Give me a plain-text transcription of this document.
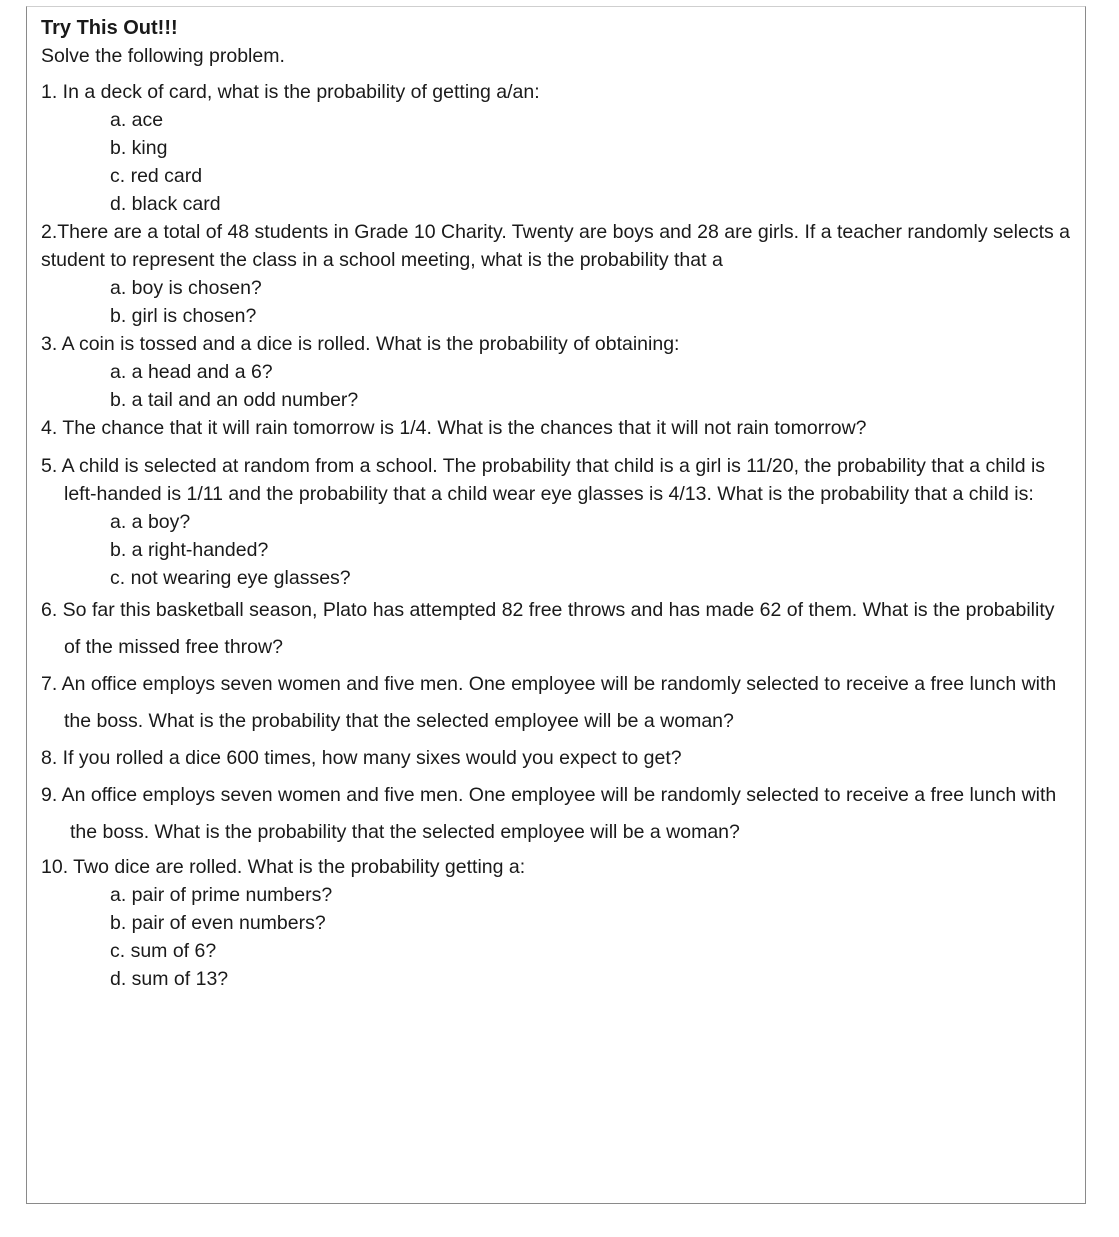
Try This Out!!!

Solve the following problem.

1. In a deck of card, what is the probability of getting a/an:
a. ace
b. king
c. red card
d. black card
2.There are a total of 48 students in Grade 10 Charity. Twenty are boys and 28 are girls. If a teacher randomly selects a student to represent the class in a school meeting, what is the probability that a
a. boy is chosen?
b. girl is chosen?
3. A coin is tossed and a dice is rolled. What is the probability of obtaining:
a. a head and a 6?
b. a tail and an odd number?
4. The chance that it will rain tomorrow is 1/4. What is the chances that it will not rain tomorrow?
5. A child is selected at random from a school. The probability that child is a girl is 11/20, the probability that a child is left-handed is 1/11 and the probability that a child wear eye glasses is 4/13. What is the probability that a child is:
a. a boy?
b. a right-handed?
c. not wearing eye glasses?
6. So far this basketball season, Plato has attempted 82 free throws and has made 62 of them. What is the probability of the missed free throw?
7. An office employs seven women and five men. One employee will be randomly selected to receive a free lunch with the boss. What is the probability that the selected employee will be a woman?
8. If you rolled a dice 600 times, how many sixes would you expect to get?
9. An office employs seven women and five men. One employee will be randomly selected to receive a free lunch with the boss. What is the probability that the selected employee will be a woman?
10. Two dice are rolled. What is the probability getting a:
a. pair of prime numbers?
b. pair of even numbers?
c. sum of 6?
d. sum of 13?
